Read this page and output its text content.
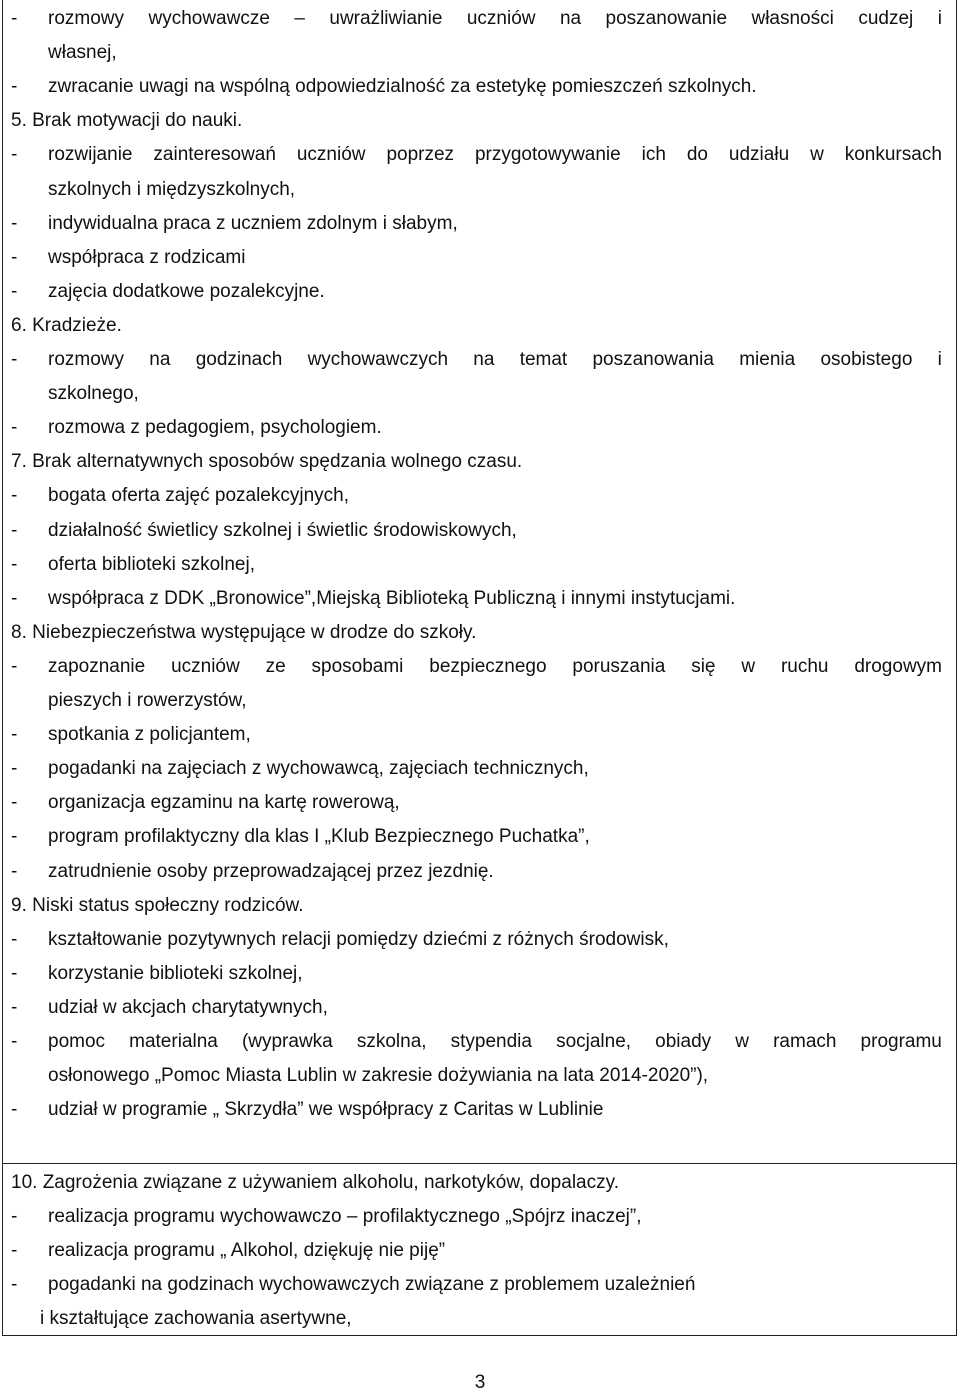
- rozmowy wychowawcze – uwrażliwianie uczniów na poszanowanie własności cudzej i
własnej,
- zwracanie uwagi na wspólną odpowiedzialność za estetykę pomieszczeń szkolnych.
5. Brak motywacji do nauki.
- rozwijanie zainteresowań uczniów poprzez przygotowywanie ich do udziału w konkursach
szkolnych i międzyszkolnych,
- indywidualna praca z uczniem zdolnym i słabym,
- współpraca z rodzicami
- zajęcia dodatkowe pozalekcyjne.
6. Kradzieże.
- rozmowy na godzinach wychowawczych na temat poszanowania mienia osobistego i
szkolnego,
- rozmowa z pedagogiem, psychologiem.
7. Brak alternatywnych sposobów spędzania wolnego czasu.
- bogata oferta zajęć pozalekcyjnych,
- działalność świetlicy szkolnej i świetlic środowiskowych,
- oferta biblioteki szkolnej,
- współpraca z DDK „Bronowice”,Miejską Biblioteką Publiczną i innymi instytucjami.
8. Niebezpieczeństwa występujące w drodze do szkoły.
- zapoznanie uczniów ze sposobami bezpiecznego poruszania się w ruchu drogowym
pieszych i rowerzystów,
- spotkania z policjantem,
- pogadanki na zajęciach z wychowawcą, zajęciach technicznych,
- organizacja egzaminu na kartę rowerową,
- program profilaktyczny dla klas I „Klub Bezpiecznego Puchatka”,
- zatrudnienie osoby przeprowadzającej przez jezdnię.
9. Niski status społeczny rodziców.
- kształtowanie pozytywnych relacji pomiędzy dziećmi z różnych środowisk,
- korzystanie biblioteki szkolnej,
- udział w akcjach charytatywnych,
- pomoc materialna (wyprawka szkolna, stypendia socjalne, obiady w ramach programu
osłonowego „Pomoc Miasta Lublin w zakresie dożywiania na lata 2014-2020”),
- udział w programie „ Skrzydła” we współpracy z Caritas w Lublinie
10. Zagrożenia związane z używaniem alkoholu, narkotyków, dopalaczy.
- realizacja programu wychowawczo – profilaktycznego „Spójrz inaczej”,
- realizacja programu „ Alkohol, dziękuję nie piję”
- pogadanki na godzinach wychowawczych związane z problemem uzależnień
i kształtujące zachowania asertywne,
3
